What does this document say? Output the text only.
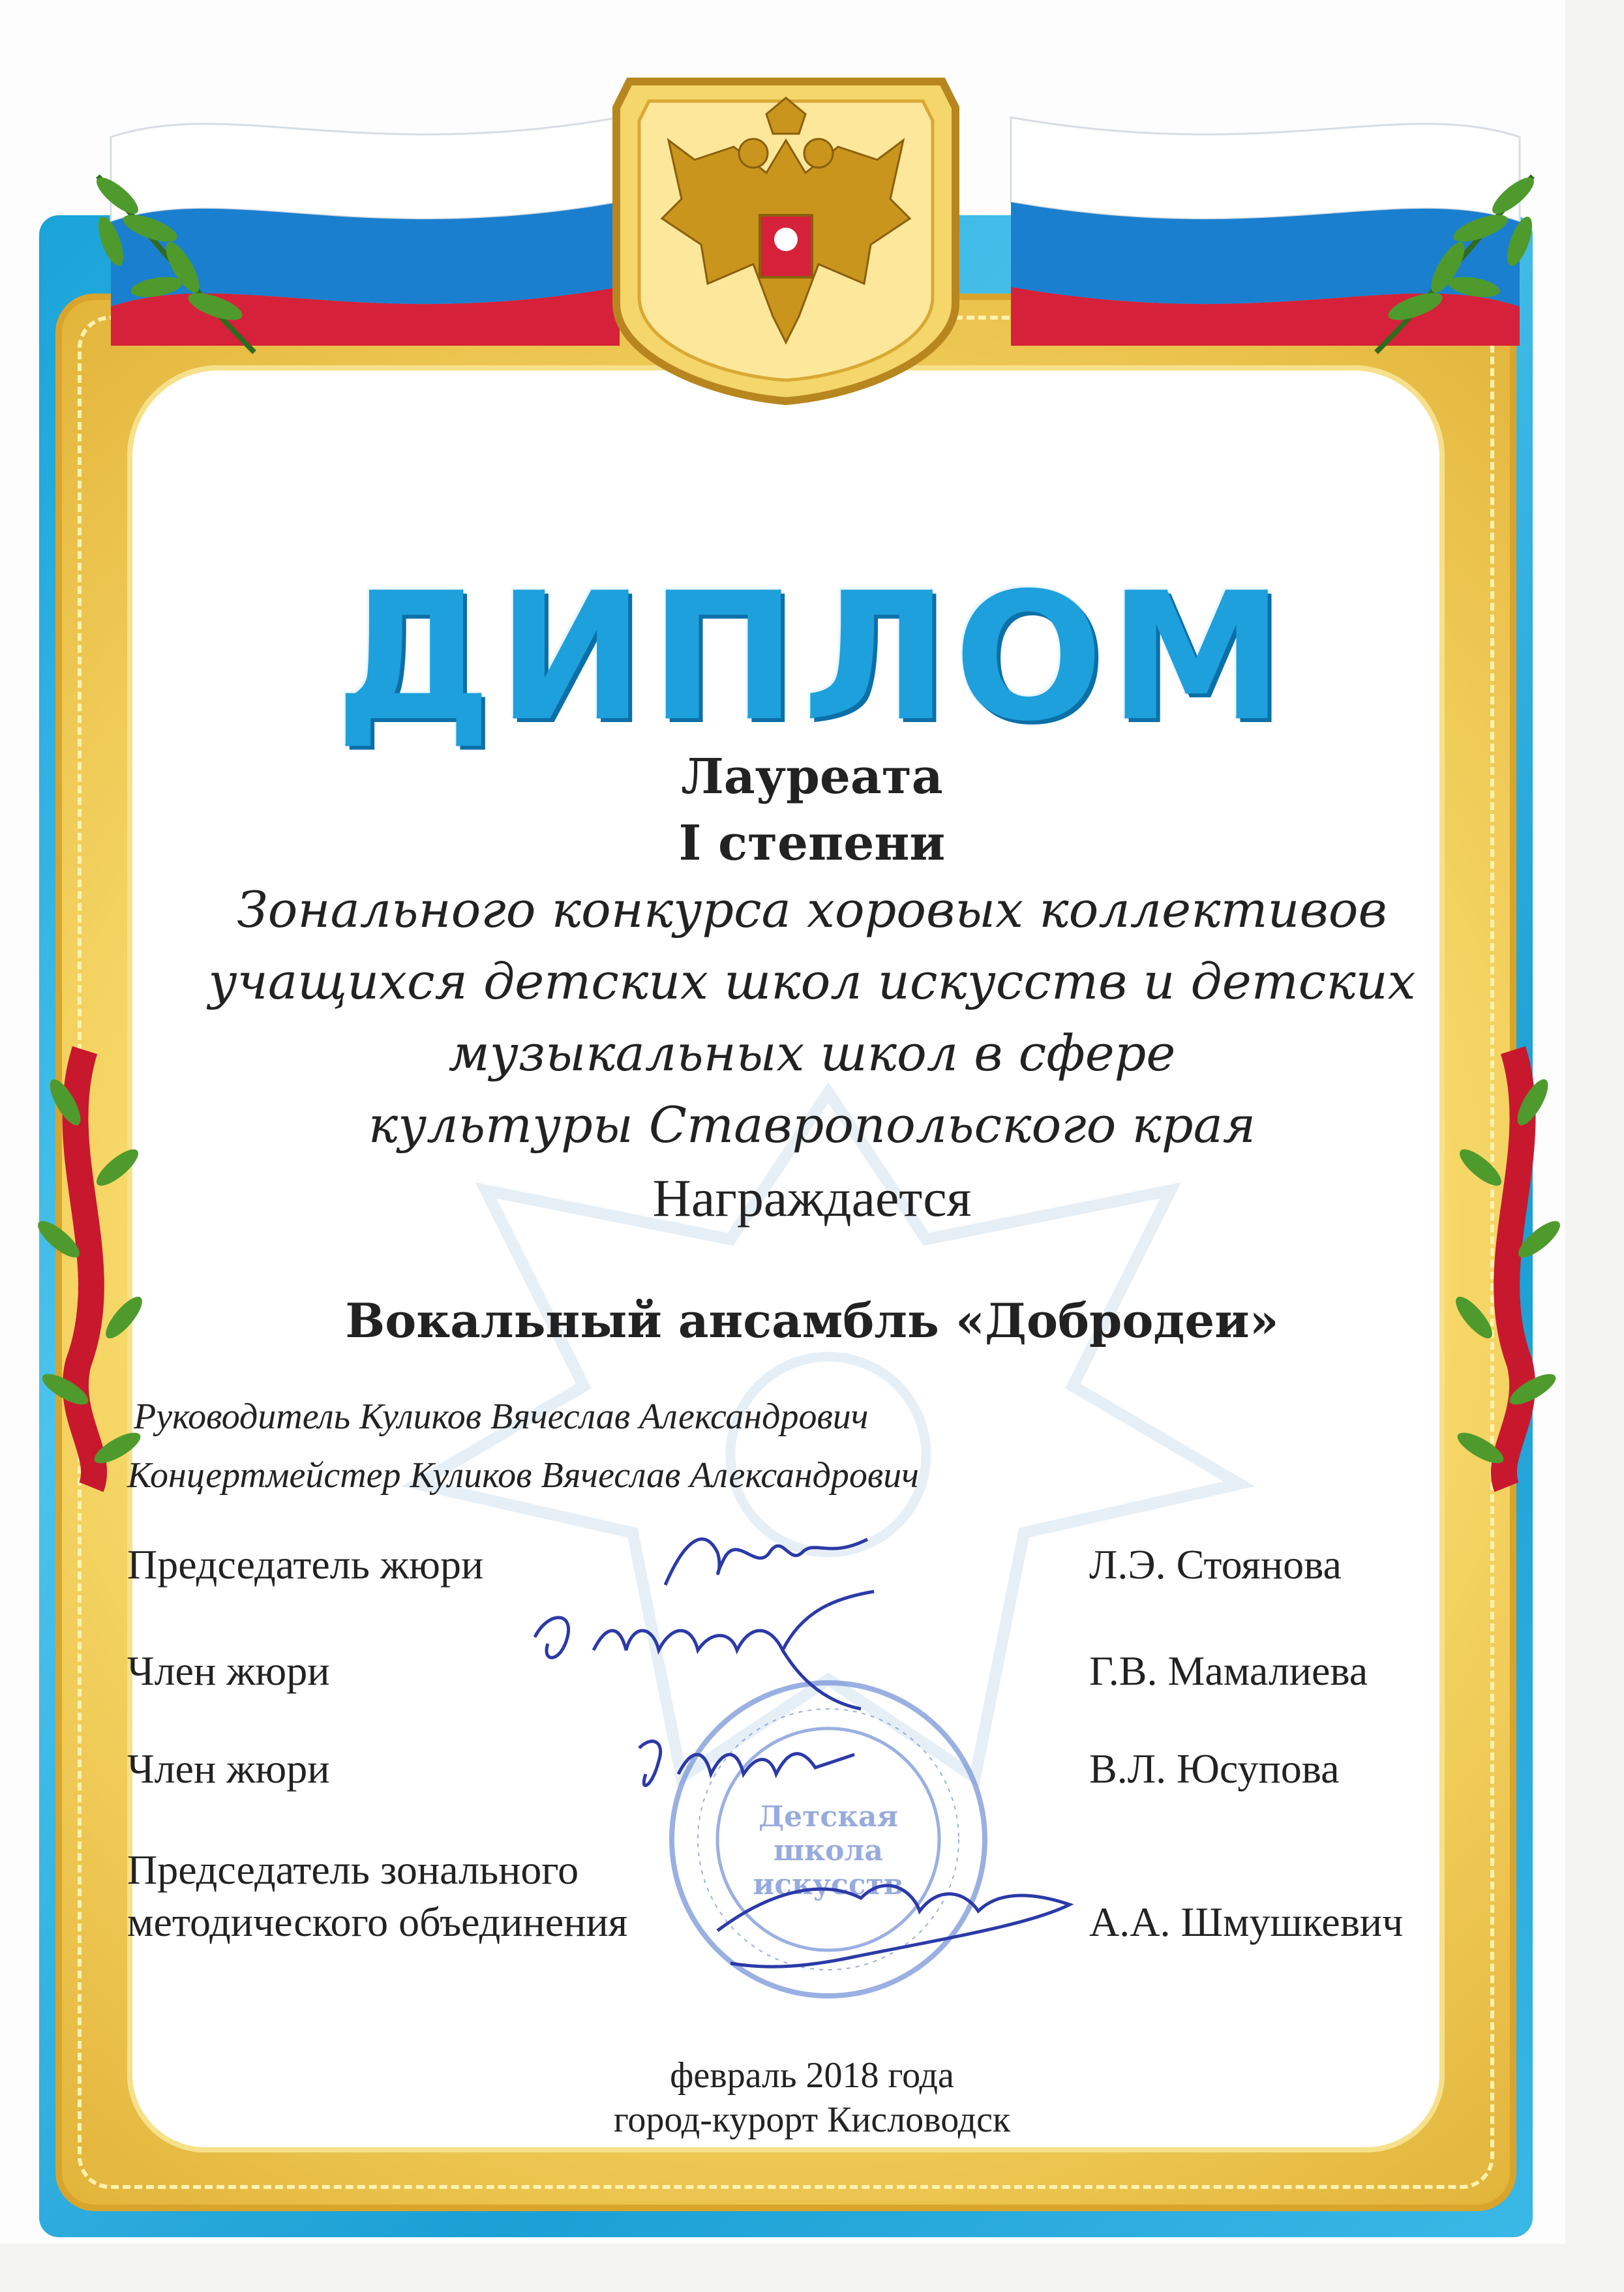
ДИПЛОМ
Лауреата
I степени
Зонального конкурса хоровых коллективов
учащихся детских школ искусств и детских
музыкальных школ в сфере
культуры Ставропольского края
Награждается
Вокальный ансамбль «Добродеи»
Руководитель Куликов Вячеслав Александрович
Концертмейстер Куликов Вячеслав Александрович
Председатель жюри	Л.Э. Стоянова
Член жюри	Г.В. Мамалиева
Член жюри	В.Л. Юсупова
Председатель зонального
методического объединения	А.А. Шмушкевич
Детская школа искусств
февраль 2018 года
город-курорт Кисловодск
